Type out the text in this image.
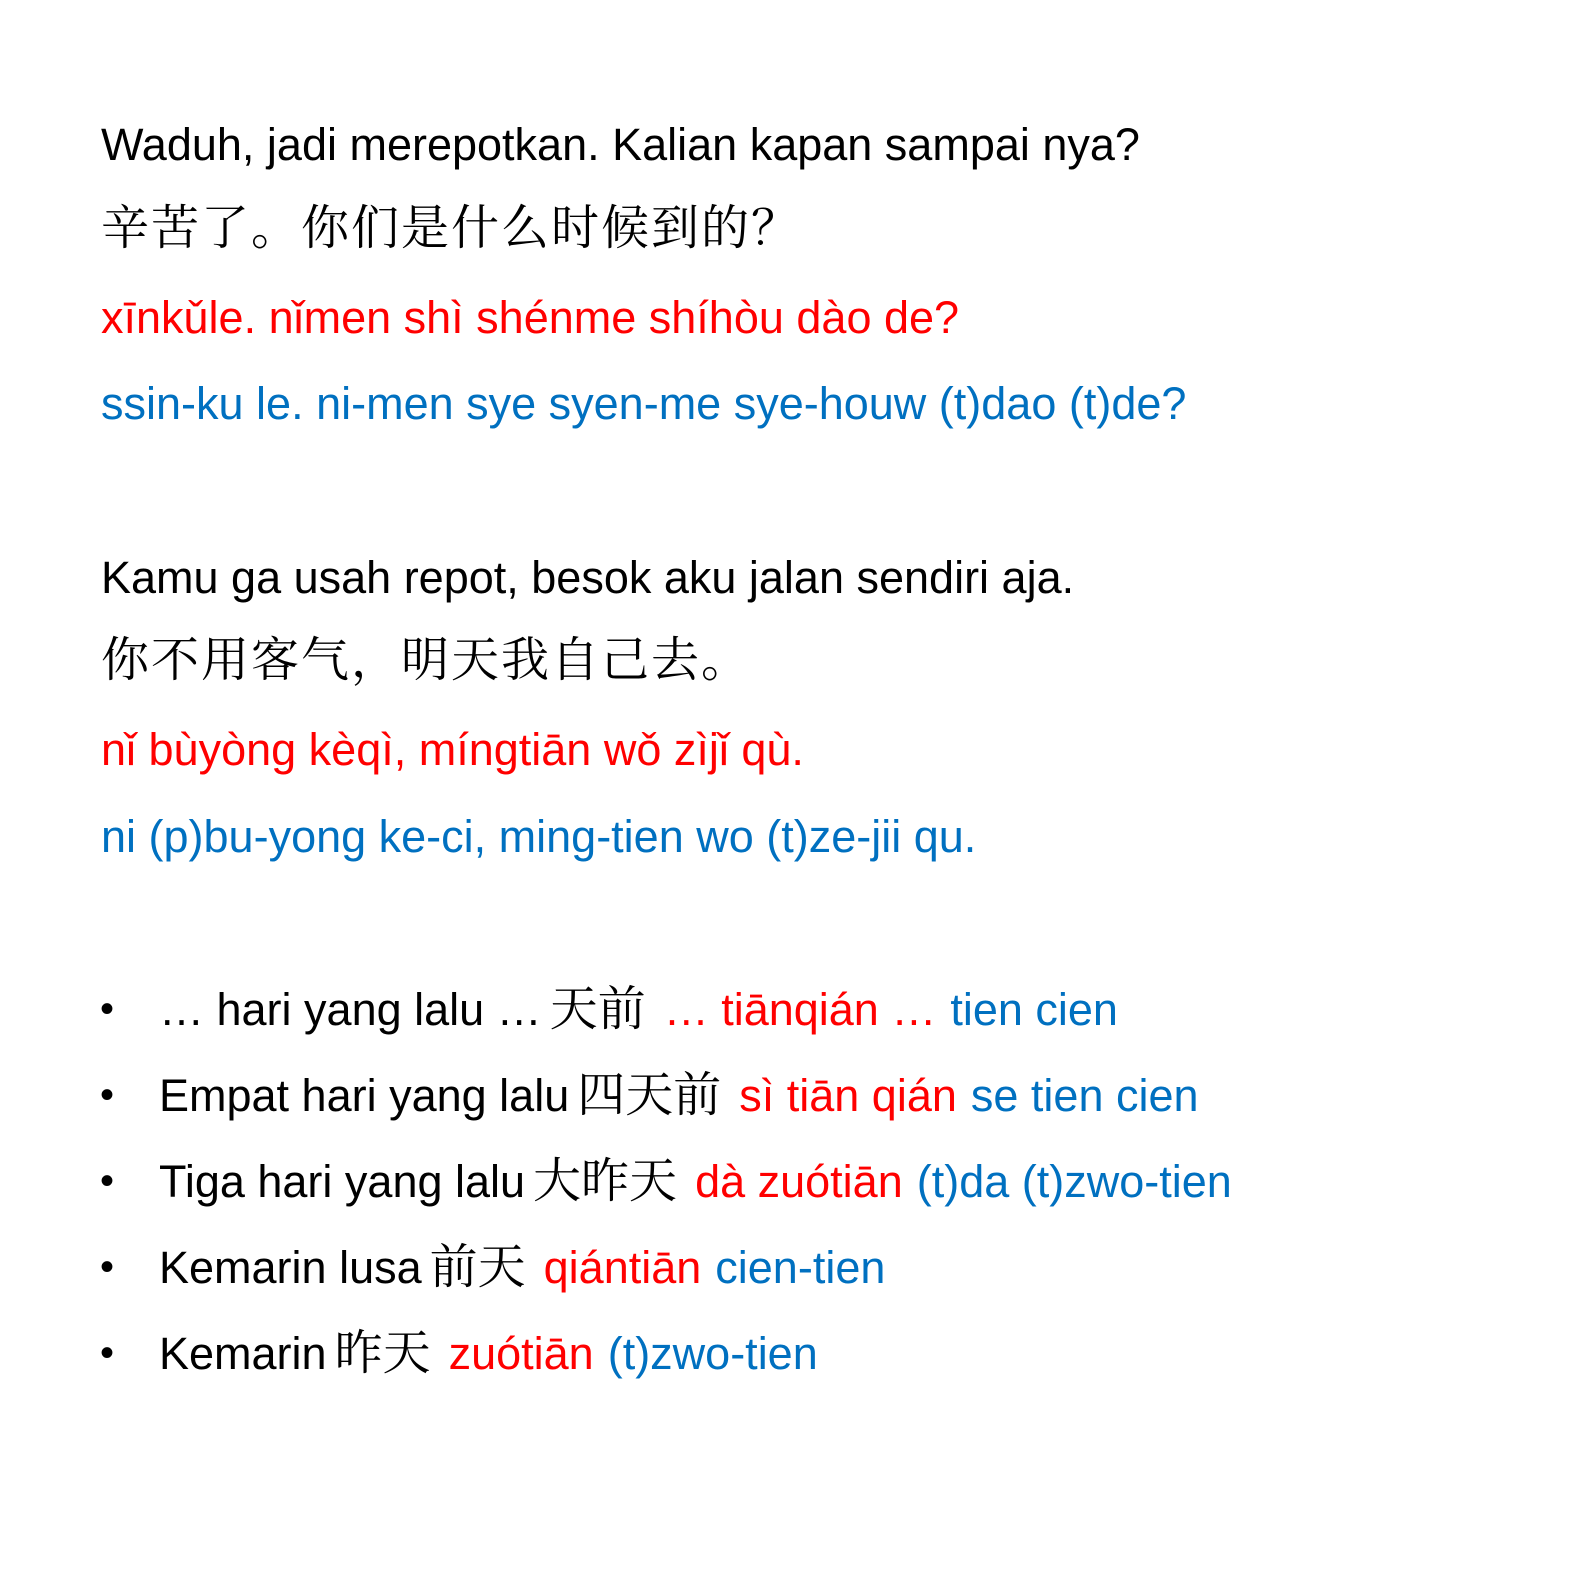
Waduh, jadi merepotkan. Kalian kapan sampai nya?
辛苦了。你们是什么时候到的？
xīnkǔle. nǐmen shì shénme shíhòu dào de?
ssin-ku le. ni-men sye syen-me sye-houw (t)dao (t)de?
Kamu ga usah repot, besok aku jalan sendiri aja.
你不用客气，明天我自己去。
nǐ bùyòng kèqì, míngtiān wǒ zìjǐ qù.
ni (p)bu-yong ke-ci, ming-tien wo (t)ze-jii qu.
• … hari yang lalu … 天前 … tiānqián … tien cien
• Empat hari yang lalu 四天前 sì tiān qián se tien cien
• Tiga hari yang lalu 大昨天 dà zuótiān (t)da (t)zwo-tien
• Kemarin lusa 前天 qiántiān cien-tien
• Kemarin 昨天 zuótiān (t)zwo-tien
